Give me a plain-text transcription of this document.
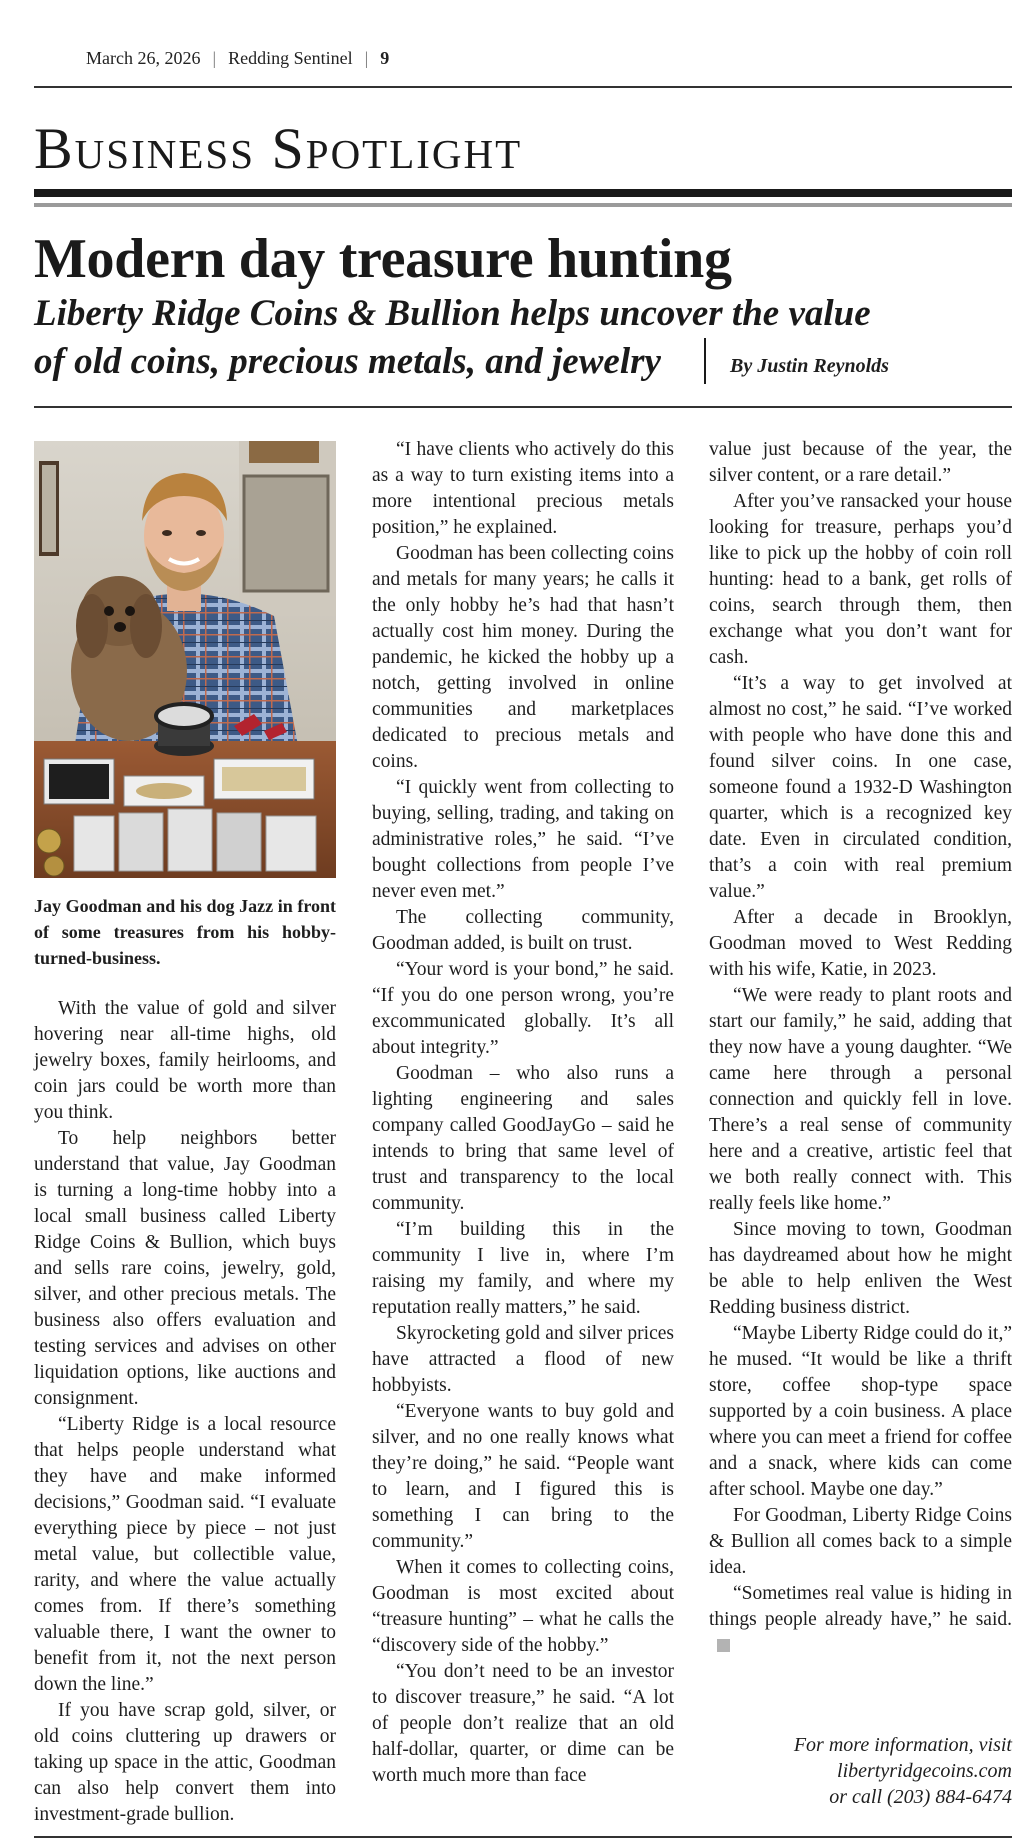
March 26, 2026 | Redding Sentinel | 9
Business Spotlight
Modern day treasure hunting
Liberty Ridge Coins & Bullion helps uncover the value
of old coins, precious metals, and jewelry	By Justin Reynolds
Jay Goodman and his dog Jazz in front of some treasures from his hobby-turned-business.

With the value of gold and silver hovering near all-time highs, old jewelry boxes, family heirlooms, and coin jars could be worth more than you think.

To help neighbors better understand that value, Jay Goodman is turning a long-time hobby into a local small business called Liberty Ridge Coins & Bullion, which buys and sells rare coins, jewelry, gold, silver, and other precious metals. The business also offers evaluation and testing services and advises on other liquidation options, like auctions and consignment.

“Liberty Ridge is a local resource that helps people understand what they have and make informed decisions,” Goodman said. “I evaluate everything piece by piece – not just metal value, but collectible value, rarity, and where the value actually comes from. If there’s something valuable there, I want the owner to benefit from it, not the next person down the line.”

If you have scrap gold, silver, or old coins cluttering up drawers or taking up space in the attic, Goodman can also help convert them into investment-grade bullion.

“I have clients who actively do this as a way to turn existing items into a more intentional precious metals position,” he explained.

Goodman has been collecting coins and metals for many years; he calls it the only hobby he’s had that hasn’t actually cost him money. During the pandemic, he kicked the hobby up a notch, getting involved in online communities and marketplaces dedicated to precious metals and coins.

“I quickly went from collecting to buying, selling, trading, and taking on administrative roles,” he said. “I’ve bought collections from people I’ve never even met.”

The collecting community, Goodman added, is built on trust.

“Your word is your bond,” he said. “If you do one person wrong, you’re excommunicated globally. It’s all about integrity.”

Goodman – who also runs a lighting engineering and sales company called GoodJayGo – said he intends to bring that same level of trust and transparency to the local community.

“I’m building this in the community I live in, where I’m raising my family, and where my reputation really matters,” he said.

Skyrocketing gold and silver prices have attracted a flood of new hobbyists.

“Everyone wants to buy gold and silver, and no one really knows what they’re doing,” he said. “People want to learn, and I figured this is something I can bring to the community.”

When it comes to collecting coins, Goodman is most excited about “treasure hunting” – what he calls the “discovery side of the hobby.”

“You don’t need to be an investor to discover treasure,” he said. “A lot of people don’t realize that an old half-dollar, quarter, or dime can be worth much more than face

value just because of the year, the silver content, or a rare detail.”

After you’ve ransacked your house looking for treasure, perhaps you’d like to pick up the hobby of coin roll hunting: head to a bank, get rolls of coins, search through them, then exchange what you don’t want for cash.

“It’s a way to get involved at almost no cost,” he said. “I’ve worked with people who have done this and found silver coins. In one case, someone found a 1932-D Washington quarter, which is a recognized key date. Even in circulated condition, that’s a coin with real premium value.”

After a decade in Brooklyn, Goodman moved to West Redding with his wife, Katie, in 2023.

“We were ready to plant roots and start our family,” he said, adding that they now have a young daughter. “We came here through a personal connection and quickly fell in love. There’s a real sense of community here and a creative, artistic feel that we both really connect with. This really feels like home.”

Since moving to town, Goodman has daydreamed about how he might be able to help enliven the West Redding business district.

“Maybe Liberty Ridge could do it,” he mused. “It would be like a thrift store, coffee shop-type space supported by a coin business. A place where you can meet a friend for coffee and a snack, where kids can come after school. Maybe one day.”

For Goodman, Liberty Ridge Coins & Bullion all comes back to a simple idea.

“Sometimes real value is hiding in things people already have,” he said.

For more information, visit
libertyridgecoins.com
or call (203) 884-6474
